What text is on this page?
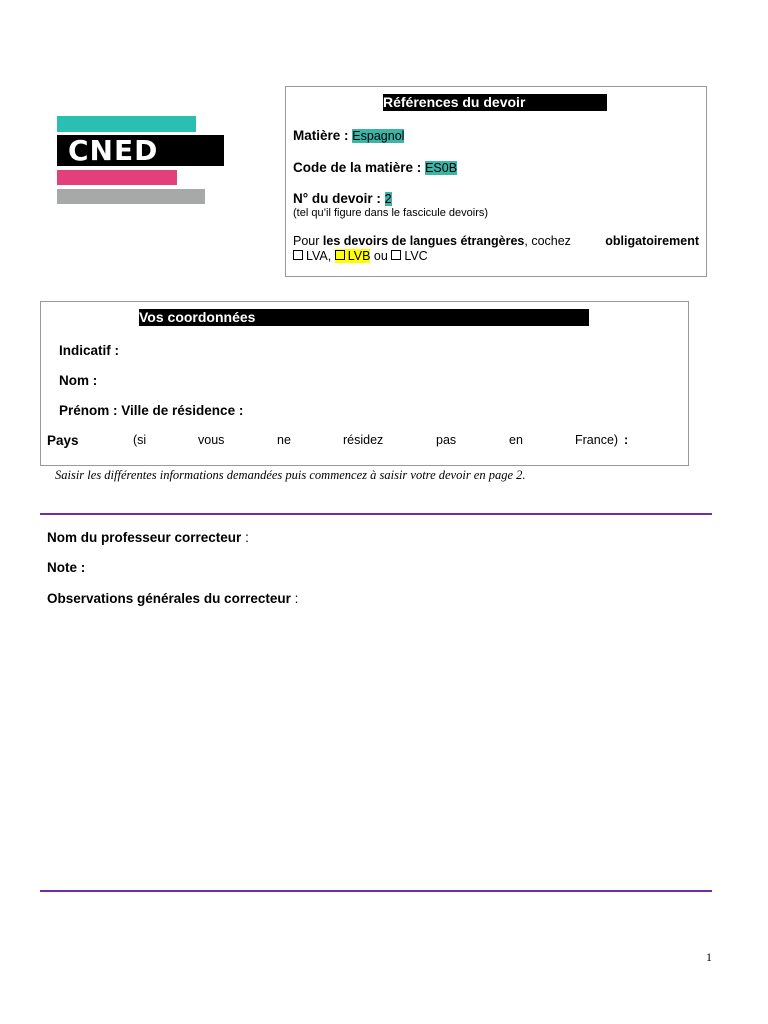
CNED
Références du devoir
Matière : Espagnol
Code de la matière : ES0B
N° du devoir : 2
(tel qu’il figure dans le fascicule devoirs)
Pour les devoirs de langues étrangères, cochez	obligatoirement
LVA, LVB ou LVC
Vos coordonnées
Indicatif :
Nom :
Prénom : Ville de résidence :
Pays	(si	vous	ne	résidez	pas	en	France) :
Saisir les différentes informations demandées puis commencez à saisir votre devoir en page 2.
Nom du professeur correcteur :
Note :
Observations générales du correcteur :
1
